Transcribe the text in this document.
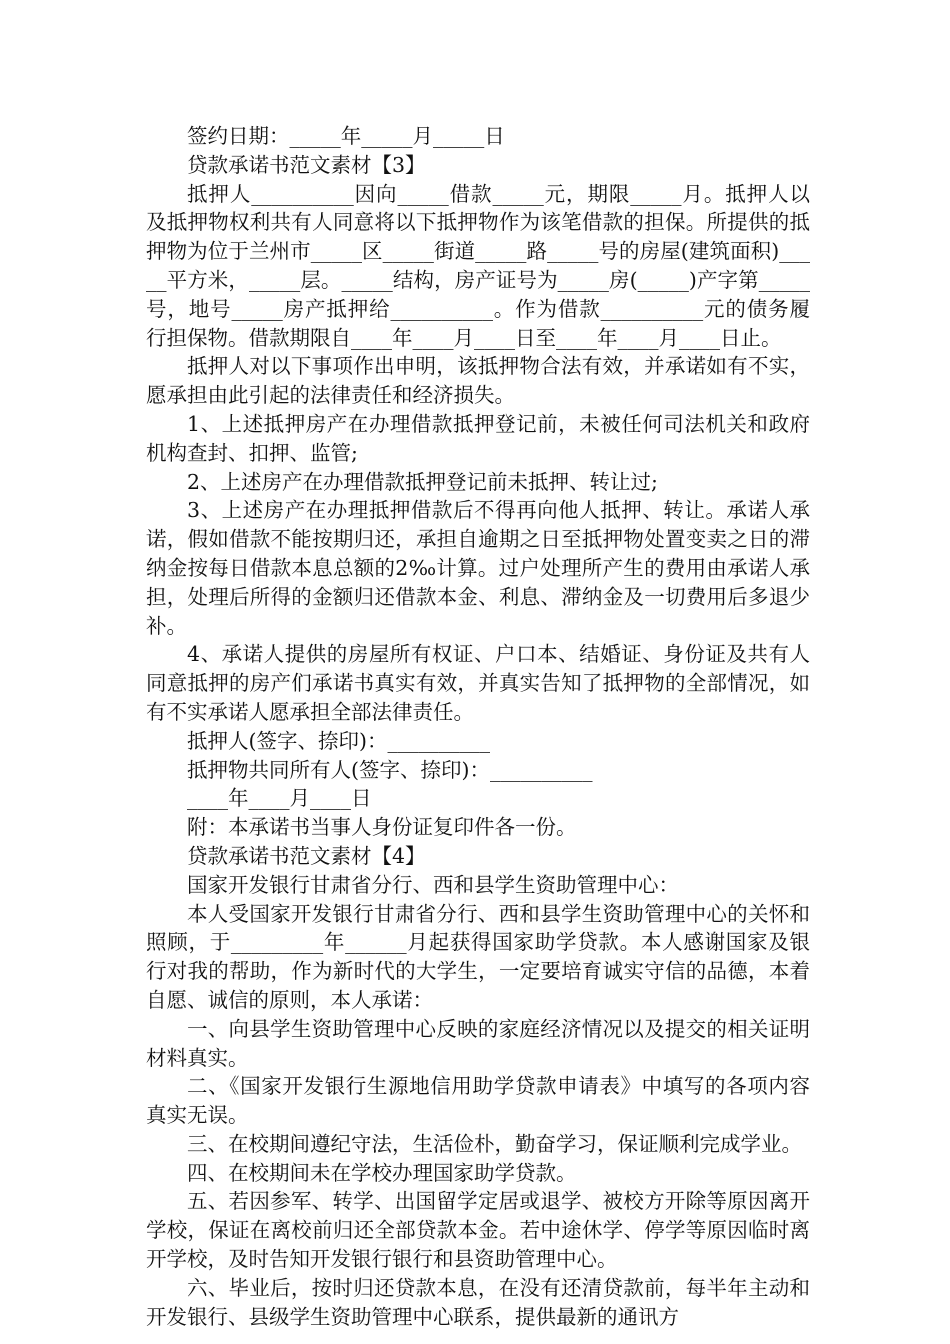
签约日期：_____年_____月_____日

贷款承诺书范文素材【3】

抵押人__________因向_____借款_____元，期限_____月。抵押人以及抵押物权利共有人同意将以下抵押物作为该笔借款的担保。所提供的抵押物为位于兰州市_____区_____街道_____路_____号的房屋(建筑面积)_____平方米，_____层。_____结构，房产证号为_____房(_____)产字第_____号，地号_____房产抵押给__________。作为借款__________元的债务履行担保物。借款期限自____年____月____日至____年____月____日止。

抵押人对以下事项作出申明，该抵押物合法有效，并承诺如有不实，愿承担由此引起的法律责任和经济损失。

1、上述抵押房产在办理借款抵押登记前，未被任何司法机关和政府机构查封、扣押、监管;

2、上述房产在办理借款抵押登记前未抵押、转让过;

3、上述房产在办理抵押借款后不得再向他人抵押、转让。承诺人承诺，假如借款不能按期归还，承担自逾期之日至抵押物处置变卖之日的滞纳金按每日借款本息总额的2‰计算。过户处理所产生的费用由承诺人承担，处理后所得的金额归还借款本金、利息、滞纳金及一切费用后多退少补。

4、承诺人提供的房屋所有权证、户口本、结婚证、身份证及共有人同意抵押的房产们承诺书真实有效，并真实告知了抵押物的全部情况，如有不实承诺人愿承担全部法律责任。

抵押人(签字、捺印)：__________

抵押物共同所有人(签字、捺印)：__________

____年____月____日

附：本承诺书当事人身份证复印件各一份。

贷款承诺书范文素材【4】

国家开发银行甘肃省分行、西和县学生资助管理中心：

本人受国家开发银行甘肃省分行、西和县学生资助管理中心的关怀和照顾，于_________年______月起获得国家助学贷款。本人感谢国家及银行对我的帮助，作为新时代的大学生，一定要培育诚实守信的品德，本着自愿、诚信的原则，本人承诺：

一、向县学生资助管理中心反映的家庭经济情况以及提交的相关证明材料真实。

二、《国家开发银行生源地信用助学贷款申请表》中填写的各项内容真实无误。

三、在校期间遵纪守法，生活俭朴，勤奋学习，保证顺利完成学业。

四、在校期间未在学校办理国家助学贷款。

五、若因参军、转学、出国留学定居或退学、被校方开除等原因离开学校，保证在离校前归还全部贷款本金。若中途休学、停学等原因临时离开学校，及时告知开发银行银行和县资助管理中心。

六、毕业后，按时归还贷款本息，在没有还清贷款前，每半年主动和开发银行、县级学生资助管理中心联系，提供最新的通讯方
